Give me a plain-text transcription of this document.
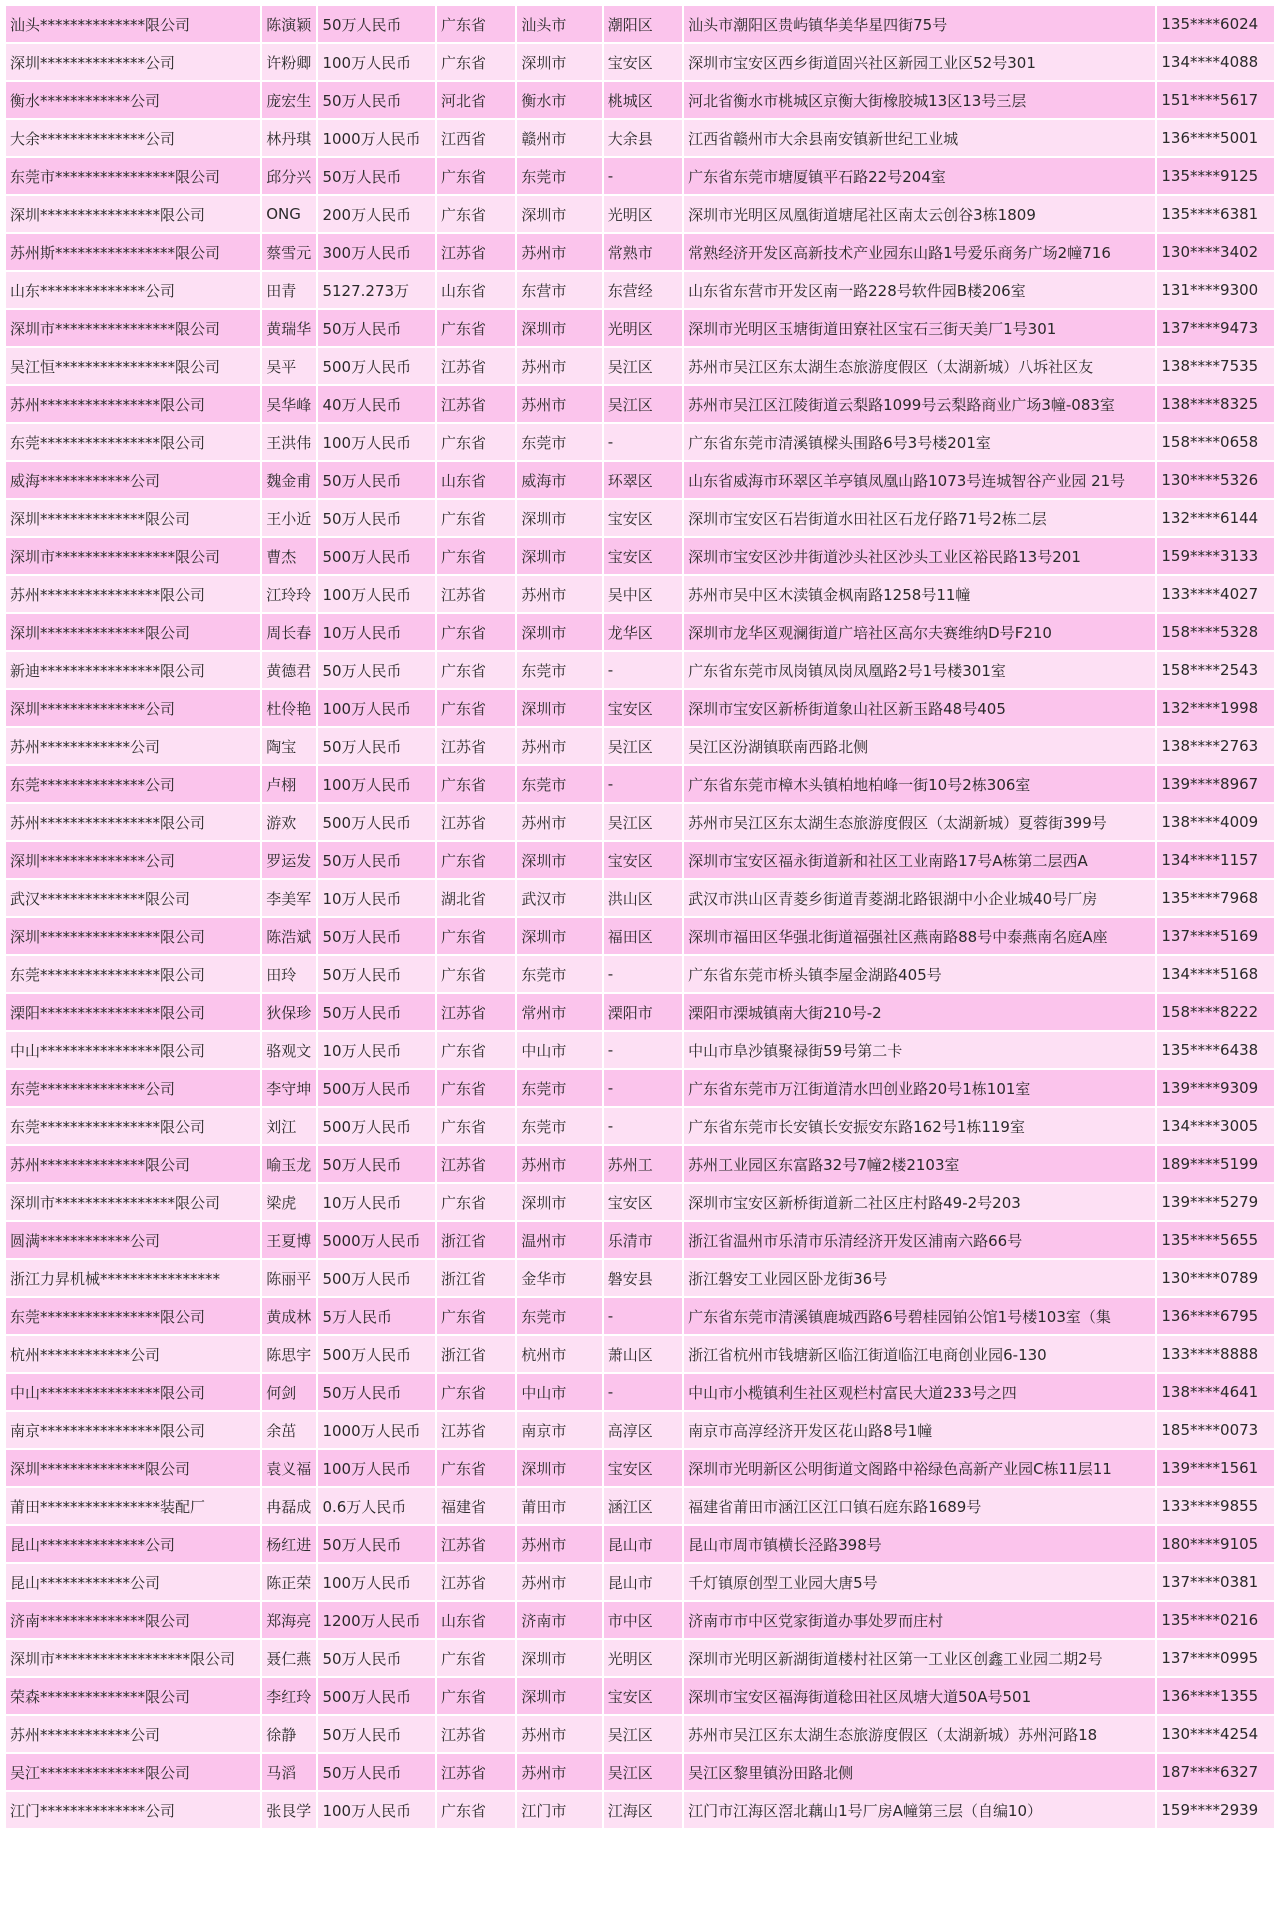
汕头**************限公司	陈演颖	50万人民币	广东省	汕头市	潮阳区	汕头市潮阳区贵屿镇华美华星四街75号	135****6024
深圳**************公司	许粉卿	100万人民币	广东省	深圳市	宝安区	深圳市宝安区西乡街道固兴社区新园工业区52号301	134****4088
衡水************公司	庞宏生	50万人民币	河北省	衡水市	桃城区	河北省衡水市桃城区京衡大街橡胶城13区13号三层	151****5617
大余**************公司	林丹琪	1000万人民币	江西省	赣州市	大余县	江西省赣州市大余县南安镇新世纪工业城	136****5001
东莞市****************限公司	邱分兴	50万人民币	广东省	东莞市	-	广东省东莞市塘厦镇平石路22号204室	135****9125
深圳****************限公司	ONG	200万人民币	广东省	深圳市	光明区	深圳市光明区凤凰街道塘尾社区南太云创谷3栋1809	135****6381
苏州斯****************限公司	蔡雪元	300万人民币	江苏省	苏州市	常熟市	常熟经济开发区高新技术产业园东山路1号爱乐商务广场2幢716	130****3402
山东**************公司	田青	5127.273万	山东省	东营市	东营经	山东省东营市开发区南一路228号软件园B楼206室	131****9300
深圳市****************限公司	黄瑞华	50万人民币	广东省	深圳市	光明区	深圳市光明区玉塘街道田寮社区宝石三街天美厂1号301	137****9473
吴江恒****************限公司	吴平	500万人民币	江苏省	苏州市	吴江区	苏州市吴江区东太湖生态旅游度假区（太湖新城）八坼社区友	138****7535
苏州****************限公司	吴华峰	40万人民币	江苏省	苏州市	吴江区	苏州市吴江区江陵街道云梨路1099号云梨路商业广场3幢-083室	138****8325
东莞****************限公司	王洪伟	100万人民币	广东省	东莞市	-	广东省东莞市清溪镇樑头围路6号3号楼201室	158****0658
威海************公司	魏金甫	50万人民币	山东省	威海市	环翠区	山东省威海市环翠区羊亭镇凤凰山路1073号连城智谷产业园 21号	130****5326
深圳**************限公司	王小近	50万人民币	广东省	深圳市	宝安区	深圳市宝安区石岩街道水田社区石龙仔路71号2栋二层	132****6144
深圳市****************限公司	曹杰	500万人民币	广东省	深圳市	宝安区	深圳市宝安区沙井街道沙头社区沙头工业区裕民路13号201	159****3133
苏州****************限公司	江玲玲	100万人民币	江苏省	苏州市	吴中区	苏州市吴中区木渎镇金枫南路1258号11幢	133****4027
深圳**************限公司	周长春	10万人民币	广东省	深圳市	龙华区	深圳市龙华区观澜街道广培社区高尔夫赛维纳D号F210	158****5328
新迪****************限公司	黄德君	50万人民币	广东省	东莞市	-	广东省东莞市凤岗镇凤岗凤凰路2号1号楼301室	158****2543
深圳**************公司	杜伶艳	100万人民币	广东省	深圳市	宝安区	深圳市宝安区新桥街道象山社区新玉路48号405	132****1998
苏州************公司	陶宝	50万人民币	江苏省	苏州市	吴江区	吴江区汾湖镇联南西路北侧	138****2763
东莞**************公司	卢栩	100万人民币	广东省	东莞市	-	广东省东莞市樟木头镇柏地柏峰一街10号2栋306室	139****8967
苏州****************限公司	游欢	500万人民币	江苏省	苏州市	吴江区	苏州市吴江区东太湖生态旅游度假区（太湖新城）夏蓉街399号	138****4009
深圳**************公司	罗运发	50万人民币	广东省	深圳市	宝安区	深圳市宝安区福永街道新和社区工业南路17号A栋第二层西A	134****1157
武汉**************限公司	李美军	10万人民币	湖北省	武汉市	洪山区	武汉市洪山区青菱乡街道青菱湖北路银湖中小企业城40号厂房	135****7968
深圳****************限公司	陈浩斌	50万人民币	广东省	深圳市	福田区	深圳市福田区华强北街道福强社区燕南路88号中泰燕南名庭A座	137****5169
东莞****************限公司	田玲	50万人民币	广东省	东莞市	-	广东省东莞市桥头镇李屋金湖路405号	134****5168
溧阳****************限公司	狄保珍	50万人民币	江苏省	常州市	溧阳市	溧阳市溧城镇南大街210号-2	158****8222
中山****************限公司	骆观文	10万人民币	广东省	中山市	-	中山市阜沙镇聚禄街59号第二卡	135****6438
东莞**************公司	李守坤	500万人民币	广东省	东莞市	-	广东省东莞市万江街道清水凹创业路20号1栋101室	139****9309
东莞****************限公司	刘江	500万人民币	广东省	东莞市	-	广东省东莞市长安镇长安振安东路162号1栋119室	134****3005
苏州**************限公司	喻玉龙	50万人民币	江苏省	苏州市	苏州工	苏州工业园区东富路32号7幢2楼2103室	189****5199
深圳市****************限公司	梁虎	10万人民币	广东省	深圳市	宝安区	深圳市宝安区新桥街道新二社区庄村路49-2号203	139****5279
圆满************公司	王夏博	5000万人民币	浙江省	温州市	乐清市	浙江省温州市乐清市乐清经济开发区浦南六路66号	135****5655
浙江力昇机械****************	陈丽平	500万人民币	浙江省	金华市	磐安县	浙江磐安工业园区卧龙街36号	130****0789
东莞****************限公司	黄成林	5万人民币	广东省	东莞市	-	广东省东莞市清溪镇鹿城西路6号碧桂园铂公馆1号楼103室（集	136****6795
杭州************公司	陈思宇	500万人民币	浙江省	杭州市	萧山区	浙江省杭州市钱塘新区临江街道临江电商创业园6-130	133****8888
中山****************限公司	何剑	50万人民币	广东省	中山市	-	中山市小榄镇利生社区观栏村富民大道233号之四	138****4641
南京****************限公司	余茁	1000万人民币	江苏省	南京市	高淳区	南京市高淳经济开发区花山路8号1幢	185****0073
深圳**************限公司	袁义福	100万人民币	广东省	深圳市	宝安区	深圳市光明新区公明街道文阁路中裕绿色高新产业园C栋11层11	139****1561
莆田****************装配厂	冉磊成	0.6万人民币	福建省	莆田市	涵江区	福建省莆田市涵江区江口镇石庭东路1689号	133****9855
昆山**************公司	杨红进	50万人民币	江苏省	苏州市	昆山市	昆山市周市镇横长泾路398号	180****9105
昆山************公司	陈正荣	100万人民币	江苏省	苏州市	昆山市	千灯镇原创型工业园大唐5号	137****0381
济南**************限公司	郑海亮	1200万人民币	山东省	济南市	市中区	济南市市中区党家街道办事处罗而庄村	135****0216
深圳市******************限公司	聂仁燕	50万人民币	广东省	深圳市	光明区	深圳市光明区新湖街道楼村社区第一工业区创鑫工业园二期2号	137****0995
荣森**************限公司	李红玲	500万人民币	广东省	深圳市	宝安区	深圳市宝安区福海街道稔田社区凤塘大道50A号501	136****1355
苏州************公司	徐静	50万人民币	江苏省	苏州市	吴江区	苏州市吴江区东太湖生态旅游度假区（太湖新城）苏州河路18	130****4254
吴江**************限公司	马滔	50万人民币	江苏省	苏州市	吴江区	吴江区黎里镇汾田路北侧	187****6327
江门**************公司	张艮学	100万人民币	广东省	江门市	江海区	江门市江海区滘北藕山1号厂房A幢第三层（自编10）	159****2939
